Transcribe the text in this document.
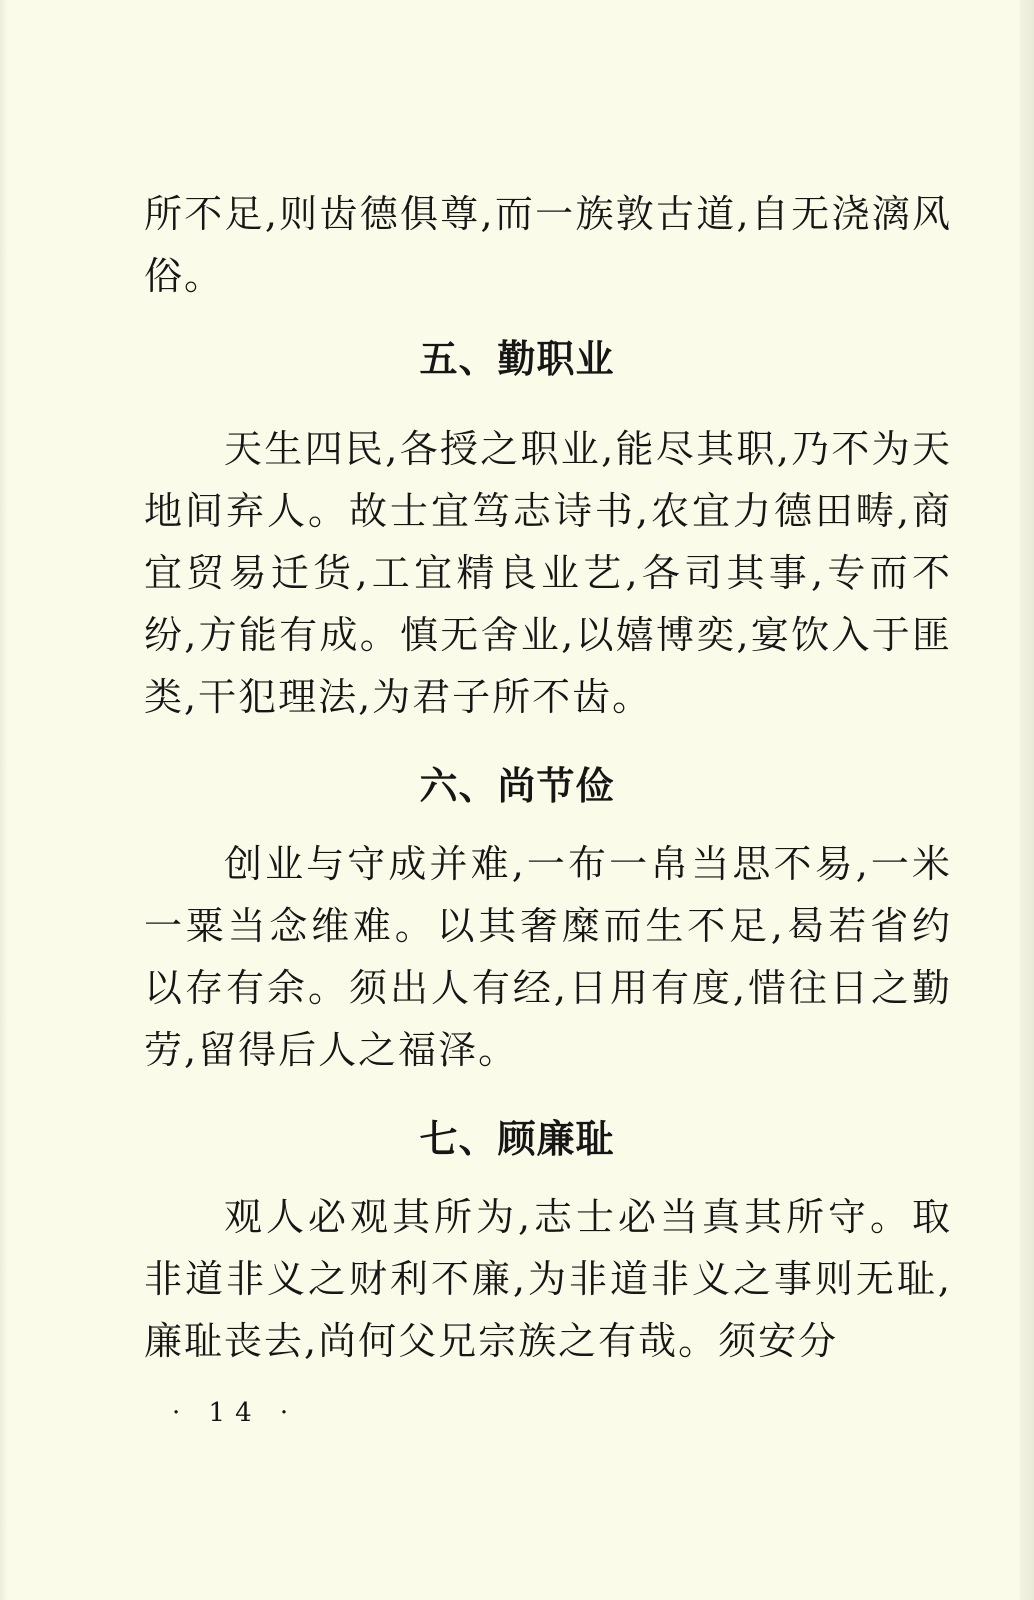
所不足,则齿德俱尊,而一族敦古道,自无浇漓风俗。

五、勤职业

天生四民,各授之职业,能尽其职,乃不为天地间弃人。故士宜笃志诗书,农宜力德田畴,商宜贸易迁货,工宜精良业艺,各司其事,专而不纷,方能有成。慎无舍业,以嬉博奕,宴饮入于匪类,干犯理法,为君子所不齿。

六、尚节俭

创业与守成并难,一布一帛当思不易,一米一粟当念维难。以其奢糜而生不足,曷若省约以存有余。须出人有经,日用有度,惜往日之勤劳,留得后人之福泽。

七、顾廉耻

观人必观其所为,志士必当真其所守。取非道非义之财利不廉,为非道非义之事则无耻,廉耻丧去,尚何父兄宗族之有哉。须安分

· 14 ·
